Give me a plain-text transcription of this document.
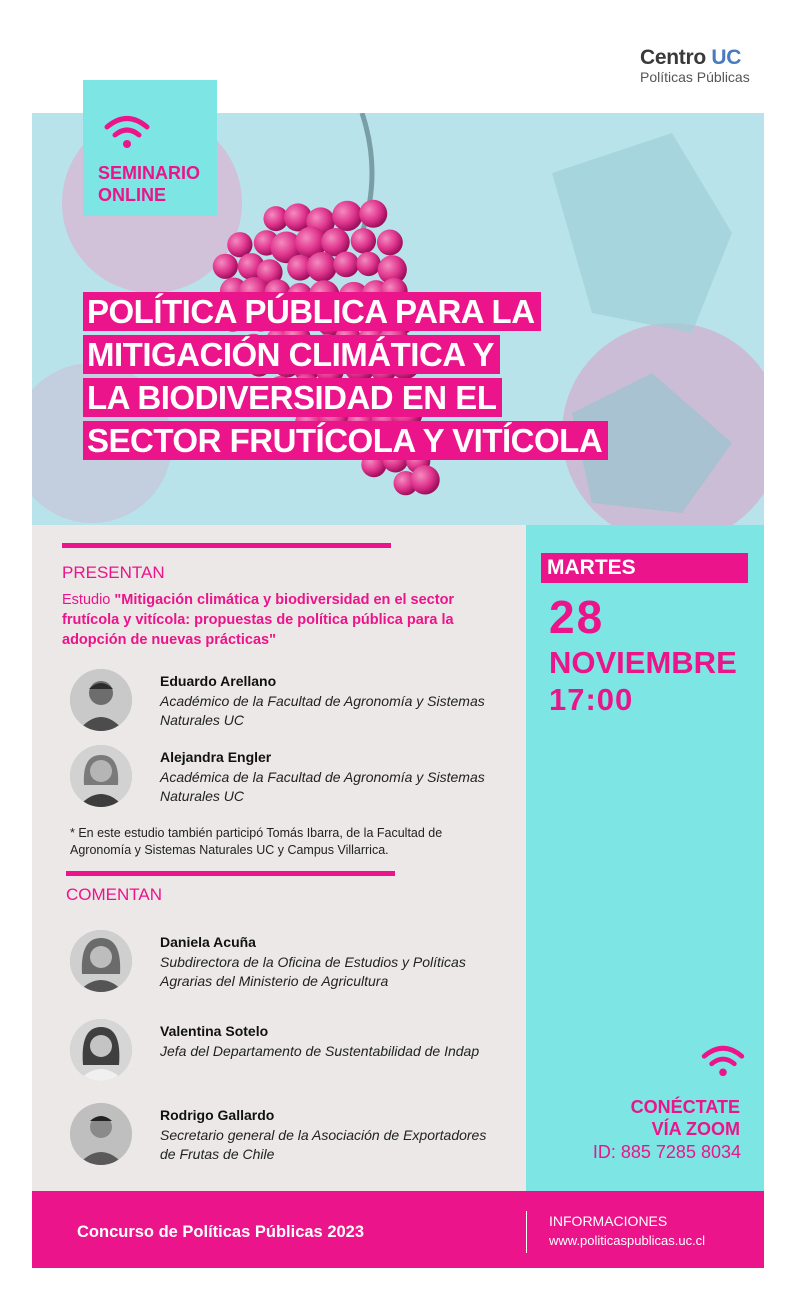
Centro UC
Políticas Públicas
SEMINARIO
ONLINE
POLÍTICA PÚBLICA PARA LA
MITIGACIÓN CLIMÁTICA Y
LA BIODIVERSIDAD EN EL
SECTOR FRUTÍCOLA Y VITÍCOLA
PRESENTAN
Estudio "Mitigación climática y biodiversidad en el sector frutícola y vitícola: propuestas de política pública para la adopción de nuevas prácticas"
Eduardo Arellano
Académico de la Facultad de Agronomía y Sistemas Naturales UC
Alejandra Engler
Académica de la Facultad de Agronomía y Sistemas Naturales UC
* En este estudio también participó Tomás Ibarra, de la Facultad de Agronomía y Sistemas Naturales UC y Campus Villarrica.
COMENTAN
Daniela Acuña
Subdirectora de la Oficina de Estudios y Políticas Agrarias del Ministerio de Agricultura
Valentina Sotelo
Jefa del Departamento de Sustentabilidad de Indap
Rodrigo Gallardo
Secretario general de la Asociación de Exportadores de Frutas de Chile
MARTES
28
NOVIEMBRE
17:00
CONÉCTATE
VÍA ZOOM
ID: 885 7285 8034
Concurso de Políticas Públicas 2023
INFORMACIONES
www.politicaspublicas.uc.cl
